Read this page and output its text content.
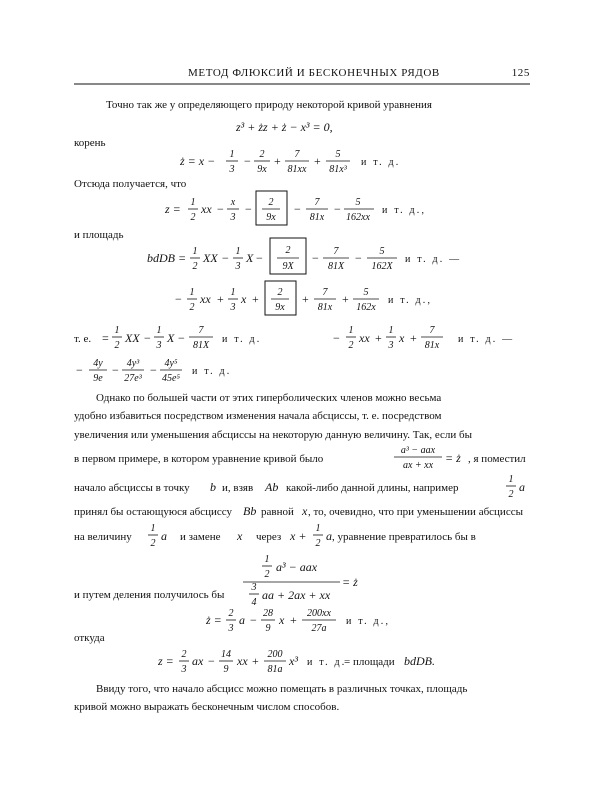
МЕТОД ФЛЮКСИЙ И БЕСКОНЕЧНЫХ РЯДОВ	125
Точно так же у определяющего природу некоторой кривой уравнения
z³ + żz + ż − x³ = 0,
корень
ż = x − 1
3
− 2
9x
+ 7
81xx
+ 5
81x³
и т. д.
Отсюда получается, что
z = 1
2
xx − x
3
− 2
9x
− 7
81x
− 5
162xx
и т. д.,
и площадь
bdDB = 1
2
XX − 1
3
X −
2
9X
− 7
81X
− 5
162X
и т. д. —
− 1
2
xx + 1
3
x + 2
9x
+ 7
81x
+ 5
162x
и т. д.,
т. е. =
1
2
XX −
1
3
X −
7
81X
и т. д.	−
1
2
xx +
1
3
x +
7
81x
и т. д. —
− 4y
9e
− 4y³
27e³
− 4y⁵
45e⁵
и т. д.
Однако по большей части от этих гиперболических членов можно весьма
удобно избавиться посредством изменения начала абсциссы, т. е. посредством
увеличения или уменьшения абсциссы на некоторую данную величину. Так, если бы
в первом примере, в котором уравнение кривой было
a³ − aax
ax + xx
= ż , я поместил
начало абсциссы в точку b и, взяв Ab какой-либо данной длины, например
1
2
a
принял бы остающуюся абсциссу Bb равной x , то, очевидно, что при уменьшении абсциссы
на величину
1
2
a и замене x через x +
1
2
a , уравнение превратилось бы в
1
2
a³ − aax
3
4
aa + 2ax + xx
= ż
и путем деления получилось бы
ż = 2
3
a − 28
9
x + 200xx
27a
и т. д.,
откуда
z = 2
3
ax − 14
9
xx + 200
81a
x³ и т. д.
= площади bdDB.
Ввиду того, что начало абсцисс можно помещать в различных точках, площадь
кривой можно выражать бесконечным числом способов.
